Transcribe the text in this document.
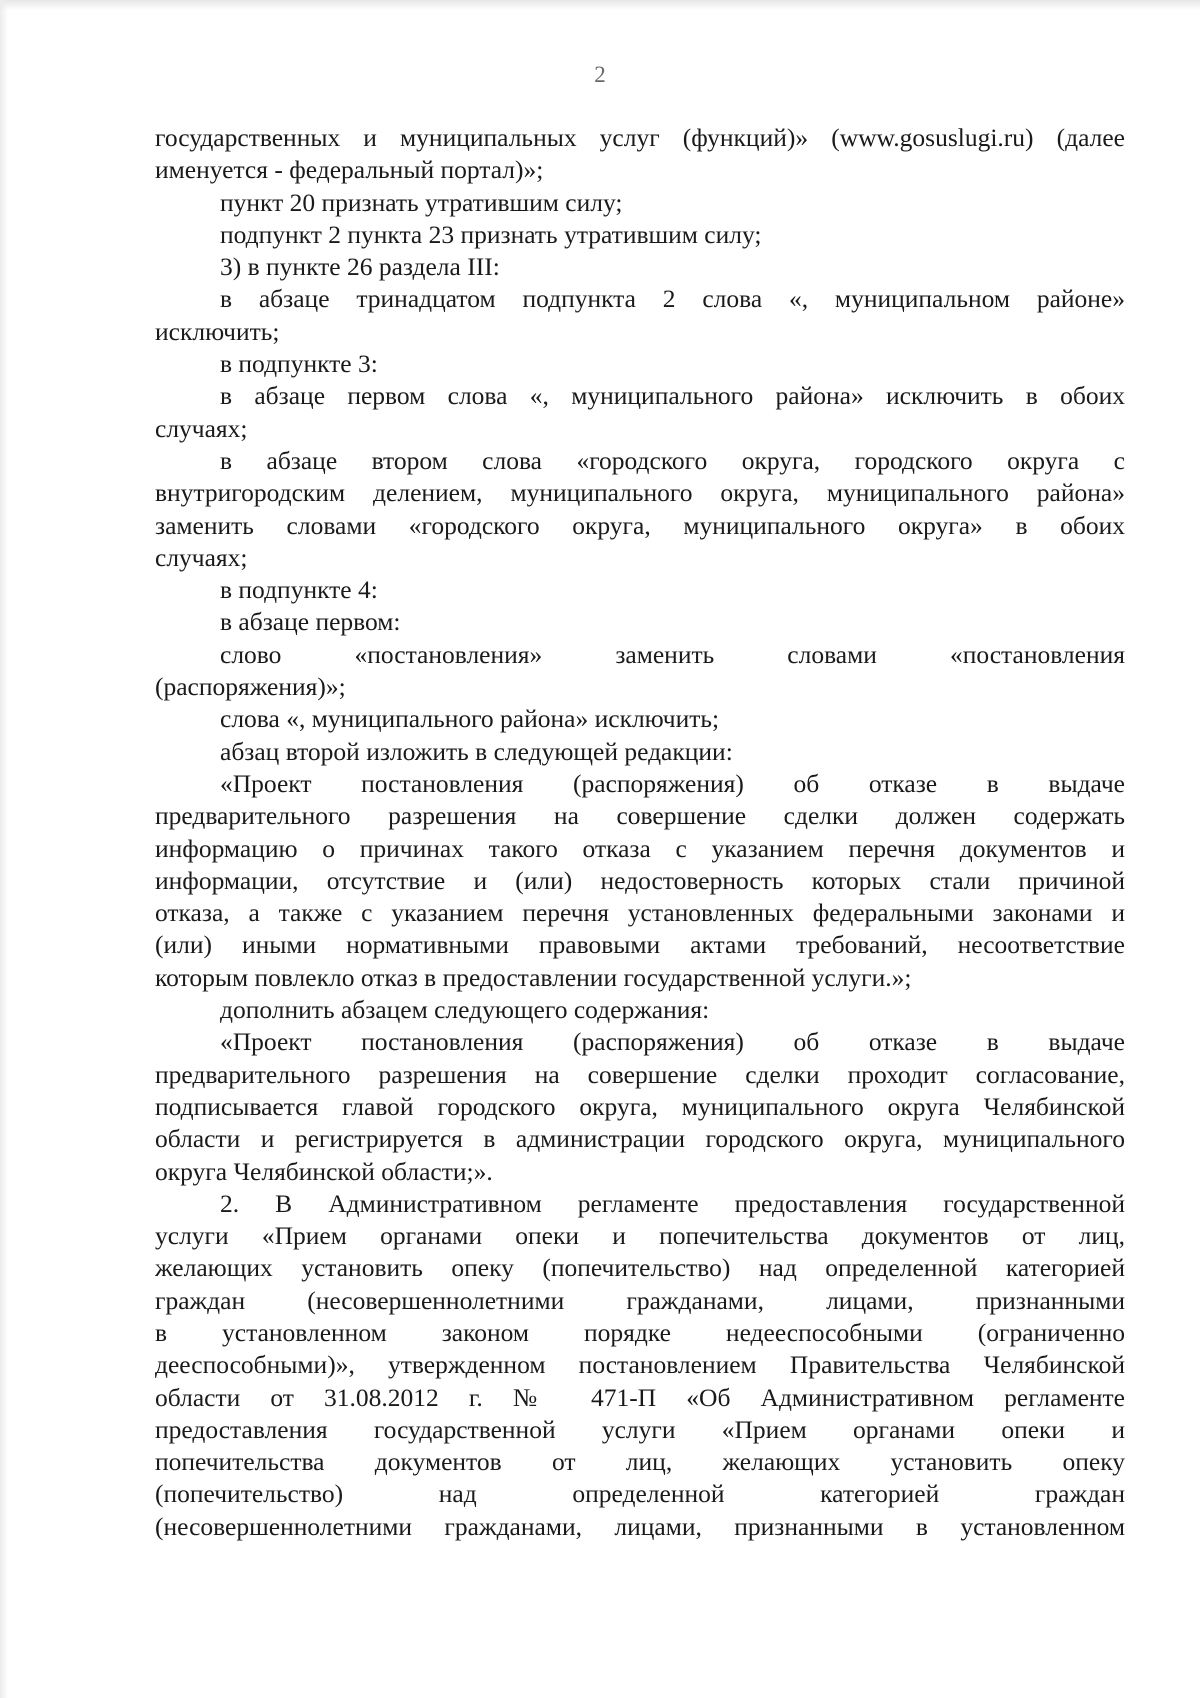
2
государственных и муниципальных услуг (функций)» (www.gosuslugi.ru) (далее
именуется - федеральный портал)»;
пункт 20 признать утратившим силу;
подпункт 2 пункта 23 признать утратившим силу;
3) в пункте 26 раздела III:
в абзаце тринадцатом подпункта 2 слова «, муниципальном районе»
исключить;
в подпункте 3:
в абзаце первом слова «, муниципального района» исключить в обоих
случаях;
в абзаце втором слова «городского округа, городского округа с
внутригородским делением, муниципального округа, муниципального района»
заменить словами «городского округа, муниципального округа» в обоих
случаях;
в подпункте 4:
в абзаце первом:
слово «постановления» заменить словами «постановления
(распоряжения)»;
слова «, муниципального района» исключить;
абзац второй изложить в следующей редакции:
«Проект постановления (распоряжения) об отказе в выдаче
предварительного разрешения на совершение сделки должен содержать
информацию о причинах такого отказа с указанием перечня документов и
информации, отсутствие и (или) недостоверность которых стали причиной
отказа, а также с указанием перечня установленных федеральными законами и
(или) иными нормативными правовыми актами требований, несоответствие
которым повлекло отказ в предоставлении государственной услуги.»;
дополнить абзацем следующего содержания:
«Проект постановления (распоряжения) об отказе в выдаче
предварительного разрешения на совершение сделки проходит согласование,
подписывается главой городского округа, муниципального округа Челябинской
области и регистрируется в администрации городского округа, муниципального
округа Челябинской области;».
2. В Административном регламенте предоставления государственной
услуги «Прием органами опеки и попечительства документов от лиц,
желающих установить опеку (попечительство) над определенной категорией
граждан (несовершеннолетними гражданами, лицами, признанными
в установленном законом порядке недееспособными (ограниченно
дееспособными)», утвержденном постановлением Правительства Челябинской
области от 31.08.2012 г. № 471-П «Об Административном регламенте
предоставления государственной услуги «Прием органами опеки и
попечительства документов от лиц, желающих установить опеку
(попечительство) над определенной категорией граждан
(несовершеннолетними гражданами, лицами, признанными в установленном
